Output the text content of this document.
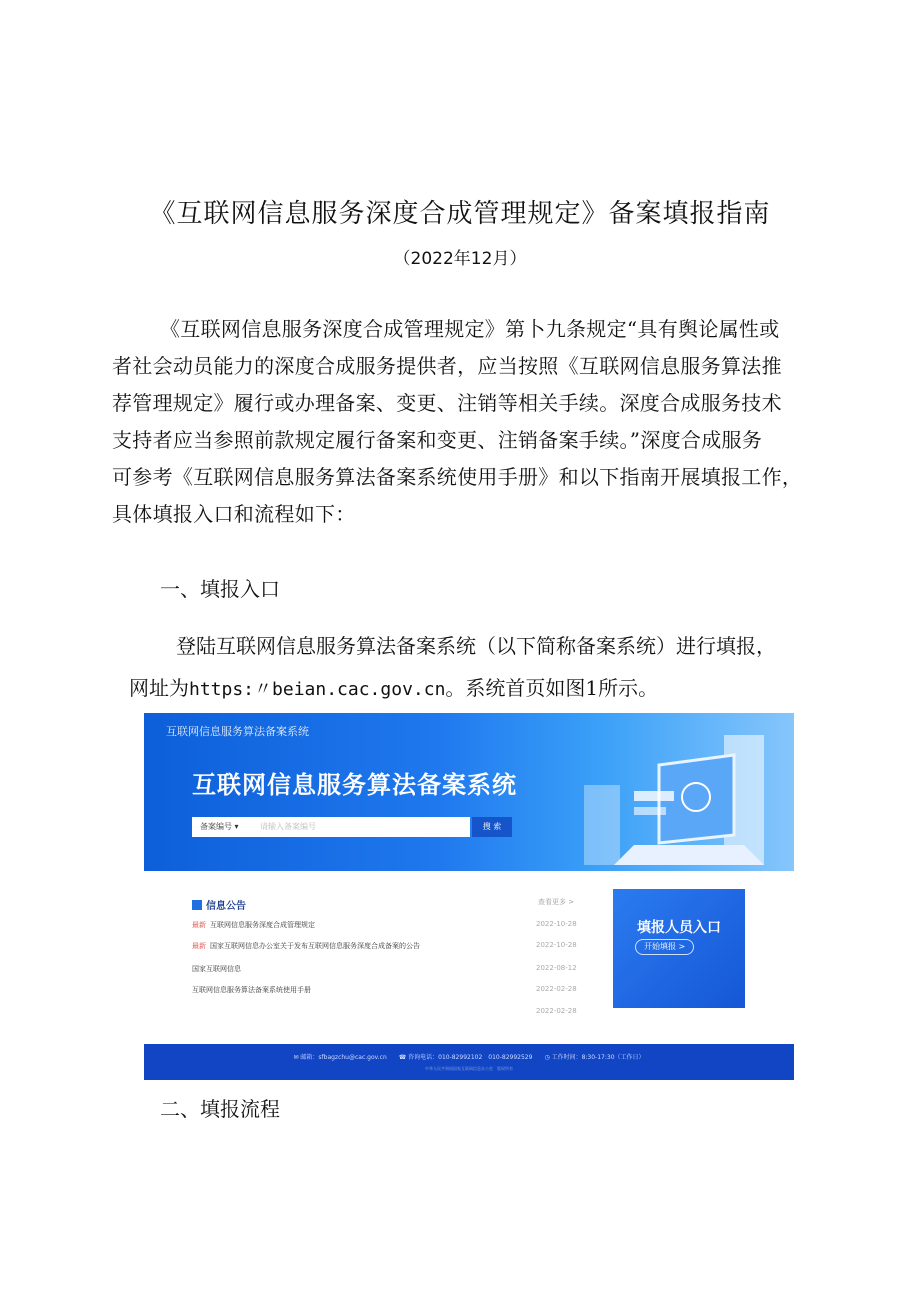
《互联网信息服务深度合成管理规定》备案填报指南
（2022年12月）

《互联网信息服务深度合成管理规定》第卜九条规定“具有舆论属性或

者社会动员能力的深度合成服务提供者，应当按照《互联网信息服务算法推

荐管理规定》履行或办理备案、变更、注销等相关手续。深度合成服务技术

支持者应当参照前款规定履行备案和变更、注销备案手续。”深度合成服务

可参考《互联网信息服务算法备案系统使用手册》和以下指南开展填报工作，

具体填报入口和流程如下：

一、填报入口
登陆互联网信息服务算法备案系统（以下简称备案系统）进行填报，
网址为https:〃beian.cac.gov.cn。系统首页如图1所示。
互联网信息服务算法备案系统
互联网信息服务算法备案系统
备案编号 ▾	请输入备案编号	搜 索
信息公告	查看更多 >
最新 互联网信息服务深度合成管理规定	2022-10-28
最新 国家互联网信息办公室关于发布互联网信息服务深度合成备案的公告	2022-10-28
国家互联网信息	2022-08-12
互联网信息服务算法备案系统使用手册	2022-02-28
2022-02-28
填报人员入口
开始填报 >
✉ 邮箱：sfbagzchu@cac.gov.cn　　☎ 咨询电话：010-82992102　010-82992529　　◷ 工作时间：8:30-17:30（工作日）
中华人民共和国国家互联网信息办公室　版权所有
二、填报流程
